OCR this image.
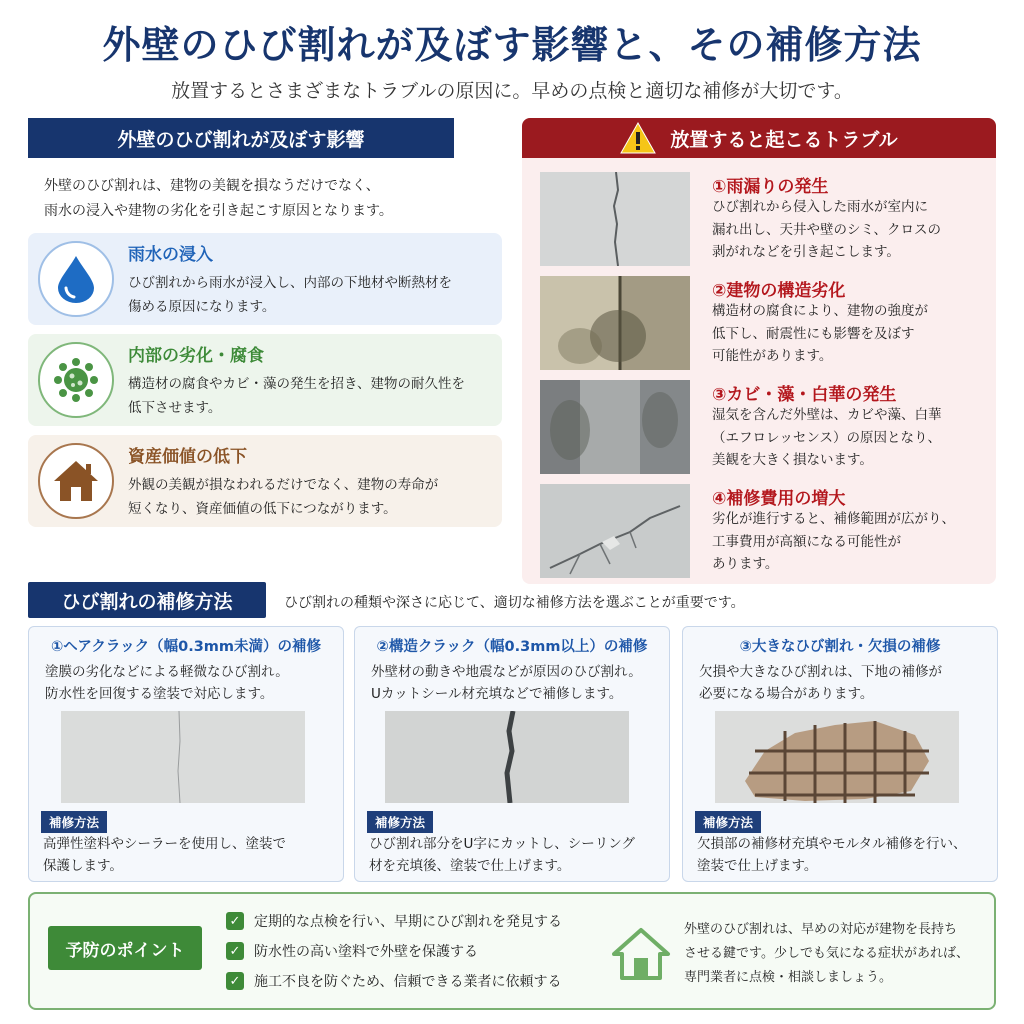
外壁のひび割れが及ぼす影響と、その補修方法
放置するとさまざまなトラブルの原因に。早めの点検と適切な補修が大切です。
外壁のひび割れが及ぼす影響
外壁のひび割れは、建物の美観を損なうだけでなく、
雨水の浸入や建物の劣化を引き起こす原因となります。
雨水の浸入
ひび割れから雨水が浸入し、内部の下地材や断熱材を
傷める原因になります。
内部の劣化・腐食
構造材の腐食やカビ・藻の発生を招き、建物の耐久性を
低下させます。
資産価値の低下
外観の美観が損なわれるだけでなく、建物の寿命が
短くなり、資産価値の低下につながります。
放置すると起こるトラブル
①雨漏りの発生
ひび割れから侵入した雨水が室内に
漏れ出し、天井や壁のシミ、クロスの
剥がれなどを引き起こします。
②建物の構造劣化
構造材の腐食により、建物の強度が
低下し、耐震性にも影響を及ぼす
可能性があります。
③カビ・藻・白華の発生
湿気を含んだ外壁は、カビや藻、白華
（エフロレッセンス）の原因となり、
美観を大きく損ないます。
④補修費用の増大
劣化が進行すると、補修範囲が広がり、
工事費用が高額になる可能性が
あります。
ひび割れの補修方法	ひび割れの種類や深さに応じて、適切な補修方法を選ぶことが重要です。
①ヘアクラック（幅0.3mm未満）の補修
塗膜の劣化などによる軽微なひび割れ。
防水性を回復する塗装で対応します。
補修方法
高弾性塗料やシーラーを使用し、塗装で
保護します。
②構造クラック（幅0.3mm以上）の補修
外壁材の動きや地震などが原因のひび割れ。
Uカットシール材充填などで補修します。
補修方法
ひび割れ部分をU字にカットし、シーリング
材を充填後、塗装で仕上げます。
③大きなひび割れ・欠損の補修
欠損や大きなひび割れは、下地の補修が
必要になる場合があります。
補修方法
欠損部の補修材充填やモルタル補修を行い、
塗装で仕上げます。
予防のポイント
✓ 定期的な点検を行い、早期にひび割れを発見する
✓ 防水性の高い塗料で外壁を保護する
✓ 施工不良を防ぐため、信頼できる業者に依頼する
外壁のひび割れは、早めの対応が建物を長持ち
させる鍵です。少しでも気になる症状があれば、
専門業者に点検・相談しましょう。
